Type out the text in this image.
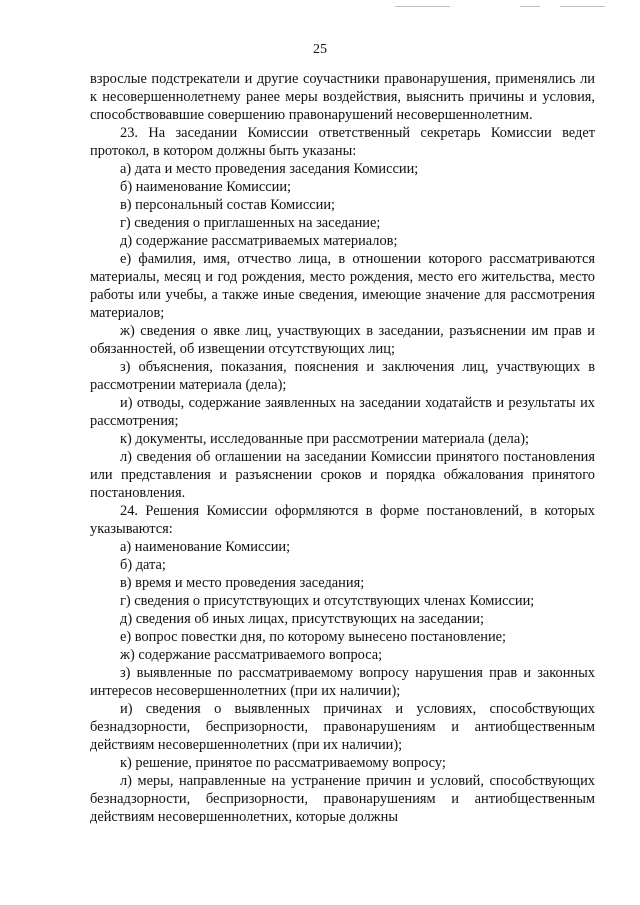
25

взрослые подстрекатели и другие соучастники правонарушения, применялись ли к несовершеннолетнему ранее меры воздействия, выяснить причины и условия, способствовавшие совершению правонарушений несовершеннолетним.

23. На заседании Комиссии ответственный секретарь Комиссии ведет протокол, в котором должны быть указаны:

а) дата и место проведения заседания Комиссии;

б) наименование Комиссии;

в) персональный состав Комиссии;

г) сведения о приглашенных на заседание;

д) содержание рассматриваемых материалов;

е) фамилия, имя, отчество лица, в отношении которого рассматриваются материалы, месяц и год рождения, место рождения, место его жительства, место работы или учебы, а также иные сведения, имеющие значение для рассмотрения материалов;

ж) сведения о явке лиц, участвующих в заседании, разъяснении им прав и обязанностей, об извещении отсутствующих лиц;

з) объяснения, показания, пояснения и заключения лиц, участвующих в рассмотрении материала (дела);

и) отводы, содержание заявленных на заседании ходатайств и результаты их рассмотрения;

к) документы, исследованные при рассмотрении материала (дела);

л) сведения об оглашении на заседании Комиссии принятого постановления или представления и разъяснении сроков и порядка обжалования принятого постановления.

24. Решения Комиссии оформляются в форме постановлений, в которых указываются:

а) наименование Комиссии;

б) дата;

в) время и место проведения заседания;

г) сведения о присутствующих и отсутствующих членах Комиссии;

д) сведения об иных лицах, присутствующих на заседании;

е) вопрос повестки дня, по которому вынесено постановление;

ж) содержание рассматриваемого вопроса;

з) выявленные по рассматриваемому вопросу нарушения прав и законных интересов несовершеннолетних (при их наличии);

и) сведения о выявленных причинах и условиях, способствующих безнадзорности, беспризорности, правонарушениям и антиобщественным действиям несовершеннолетних (при их наличии);

к) решение, принятое по рассматриваемому вопросу;

л) меры, направленные на устранение причин и условий, способствующих безнадзорности, беспризорности, правонарушениям и антиобщественным действиям несовершеннолетних, которые должны
